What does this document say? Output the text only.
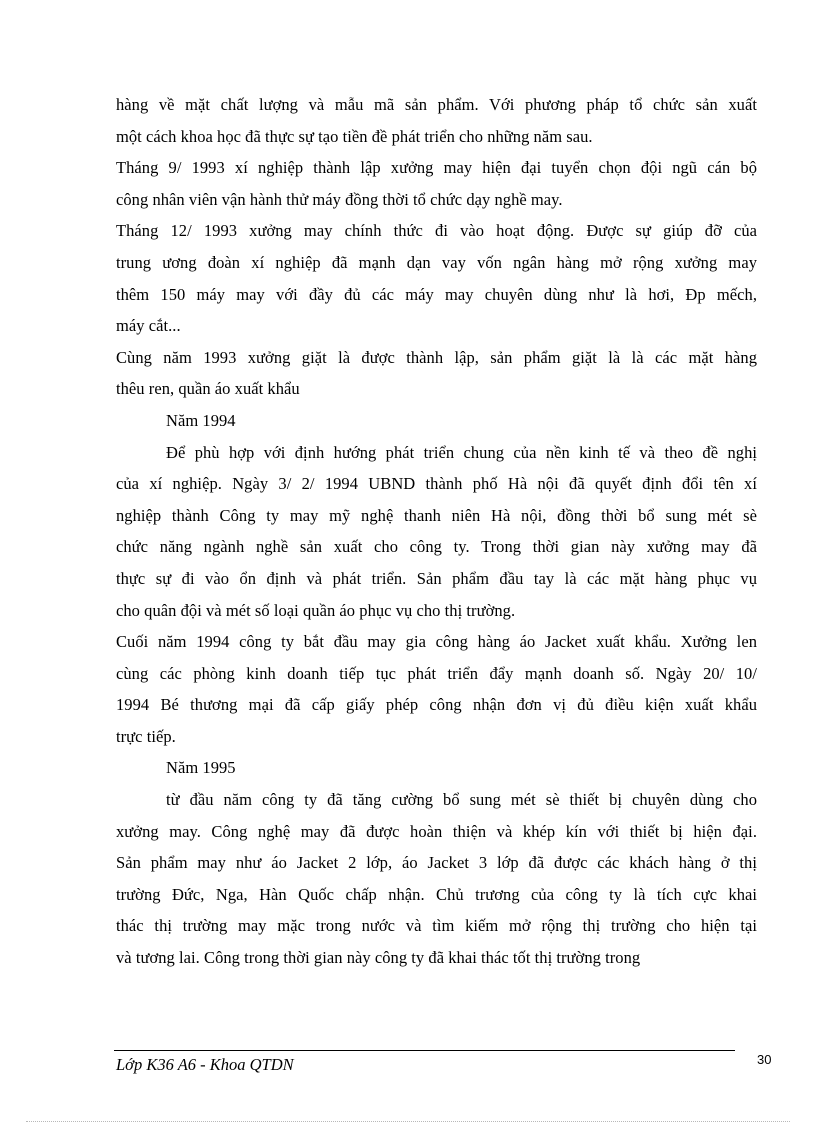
hàng về mặt chất lượng và mẫu mã sản phẩm. Với phương pháp tổ chức sản xuất
một cách khoa học đã thực sự tạo tiền đề phát triển cho những năm sau.
Tháng 9/ 1993 xí nghiệp thành lập xưởng may hiện đại tuyển chọn đội ngũ cán bộ
công nhân viên vận hành thử máy đồng thời tổ chức dạy nghề may.
Tháng 12/ 1993 xưởng may chính thức đi vào hoạt động. Được sự giúp đỡ của
trung ương đoàn xí nghiệp đã mạnh dạn vay vốn ngân hàng mở rộng xưởng may
thêm 150 máy may với đầy đủ các máy may chuyên dùng như là hơi, Đp mếch,
máy cắt...
Cùng năm 1993 xưởng giặt là được thành lập, sản phẩm giặt là là các mặt hàng
thêu ren, quần áo xuất khẩu
Năm 1994
Để phù hợp với định hướng phát triển chung của nền kinh tế và theo đề nghị
của xí nghiệp. Ngày 3/ 2/ 1994 UBND thành phố Hà nội đã quyết định đổi tên xí
nghiệp thành Công ty may mỹ nghệ thanh niên Hà nội, đồng thời bổ sung mét sè
chức năng ngành nghề sản xuất cho công ty. Trong thời gian này xưởng may đã
thực sự đi vào ổn định và phát triển. Sản phẩm đầu tay là các mặt hàng phục vụ
cho quân đội và mét số loại quần áo phục vụ cho thị trường.
Cuối năm 1994 công ty bắt đầu may gia công hàng áo Jacket xuất khẩu. Xưởng len
cùng các phòng kinh doanh tiếp tục phát triển đẩy mạnh doanh số. Ngày 20/ 10/
1994 Bé thương mại đã cấp giấy phép công nhận đơn vị đủ điều kiện xuất khẩu
trực tiếp.
Năm 1995
từ đầu năm công ty đã tăng cường bổ sung mét sè thiết bị chuyên dùng cho
xưởng may. Công nghệ may đã được hoàn thiện và khép kín với thiết bị hiện đại.
Sản phẩm may như áo Jacket 2 lớp, áo Jacket 3 lớp đã được các khách hàng ở thị
trường Đức, Nga, Hàn Quốc chấp nhận. Chủ trương của công ty là tích cực khai
thác thị trường may mặc trong nước và tìm kiếm mở rộng thị trường cho hiện tại
và tương lai. Công trong thời gian này công ty đã khai thác tốt thị trường trong
Lớp K36 A6 - Khoa QTDN	30
